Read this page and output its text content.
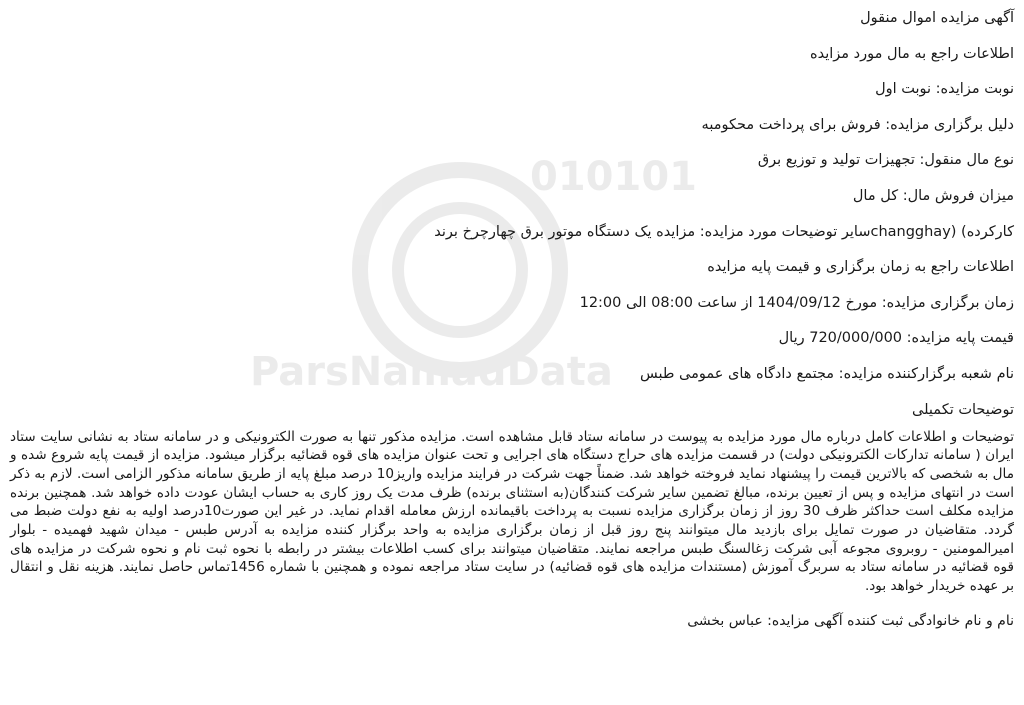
010101
ParsNamadData
آگهی مزایده اموال منقول
اطلاعات راجع به مال مورد مزایده
نوبت مزایده: نوبت اول
دلیل برگزاری مزایده: فروش برای پرداخت محکومبه
نوع مال منقول: تجهیزات تولید و توزیع برق
میزان فروش مال: کل مال
کارکرده) (changghayسایر توضیحات مورد مزایده: مزایده یک دستگاه موتور برق چهارچرخ برند
اطلاعات راجع به زمان برگزاری و قیمت پایه مزایده
زمان برگزاری مزایده: مورخ 1404/09/12 از ساعت 08:00 الی 12:00
قیمت پایه مزایده: 720/000/000 ریال
نام شعبه برگزارکننده مزایده: مجتمع دادگاه های عمومی طبس
توضیحات تکمیلی
توضیحات و اطلاعات کامل درباره مال مورد مزایده به پیوست در سامانه ستاد قابل مشاهده است. مزایده مذکور تنها به صورت الکترونیکی و در سامانه ستاد به نشانی سایت ستاد ایران ( سامانه تدارکات الکترونیکی دولت) در قسمت مزایده های حراج دستگاه های اجرایی و تحت عنوان مزایده های قوه قضائیه برگزار میشود. مزایده از قیمت پایه شروع شده و مال به شخصی که بالاترین قیمت را پیشنهاد نماید فروخته خواهد شد. ضمناً جهت شرکت در فرایند مزایده واریز10 درصد مبلغ پایه از طریق سامانه مذکور الزامی است. لازم به ذکر است در انتهای مزایده و پس از تعیین برنده، مبالغ تضمین سایر شرکت کنندگان(به استثنای برنده) ظرف مدت یک روز کاری به حساب ایشان عودت داده خواهد شد. همچنین برنده مزایده مکلف است حداکثر ظرف 30 روز از زمان برگزاری مزایده نسبت به پرداخت باقیمانده ارزش معامله اقدام نماید. در غیر این صورت10درصد اولیه به نفع دولت ضبط می گردد. متقاضیان در صورت تمایل برای بازدید مال میتوانند پنج روز قبل از زمان برگزاری مزایده به واحد برگزار کننده مزایده به آدرس طبس - میدان شهید فهمیده - بلوار امیرالمومنین - روبروی مجوعه آبی شرکت زغالسنگ طبس مراجعه نمایند. متقاضیان میتوانند برای کسب اطلاعات بیشتر در رابطه با نحوه ثبت نام و نحوه شرکت در مزایده های قوه قضائیه در سامانه ستاد به سربرگ آموزش (مستندات مزایده های قوه قضائیه) در سایت ستاد مراجعه نموده و همچنین با شماره 1456تماس حاصل نمایند. هزینه نقل و انتقال بر عهده خریدار خواهد بود.
نام و نام خانوادگی ثبت کننده آگهی مزایده: عباس بخشی
